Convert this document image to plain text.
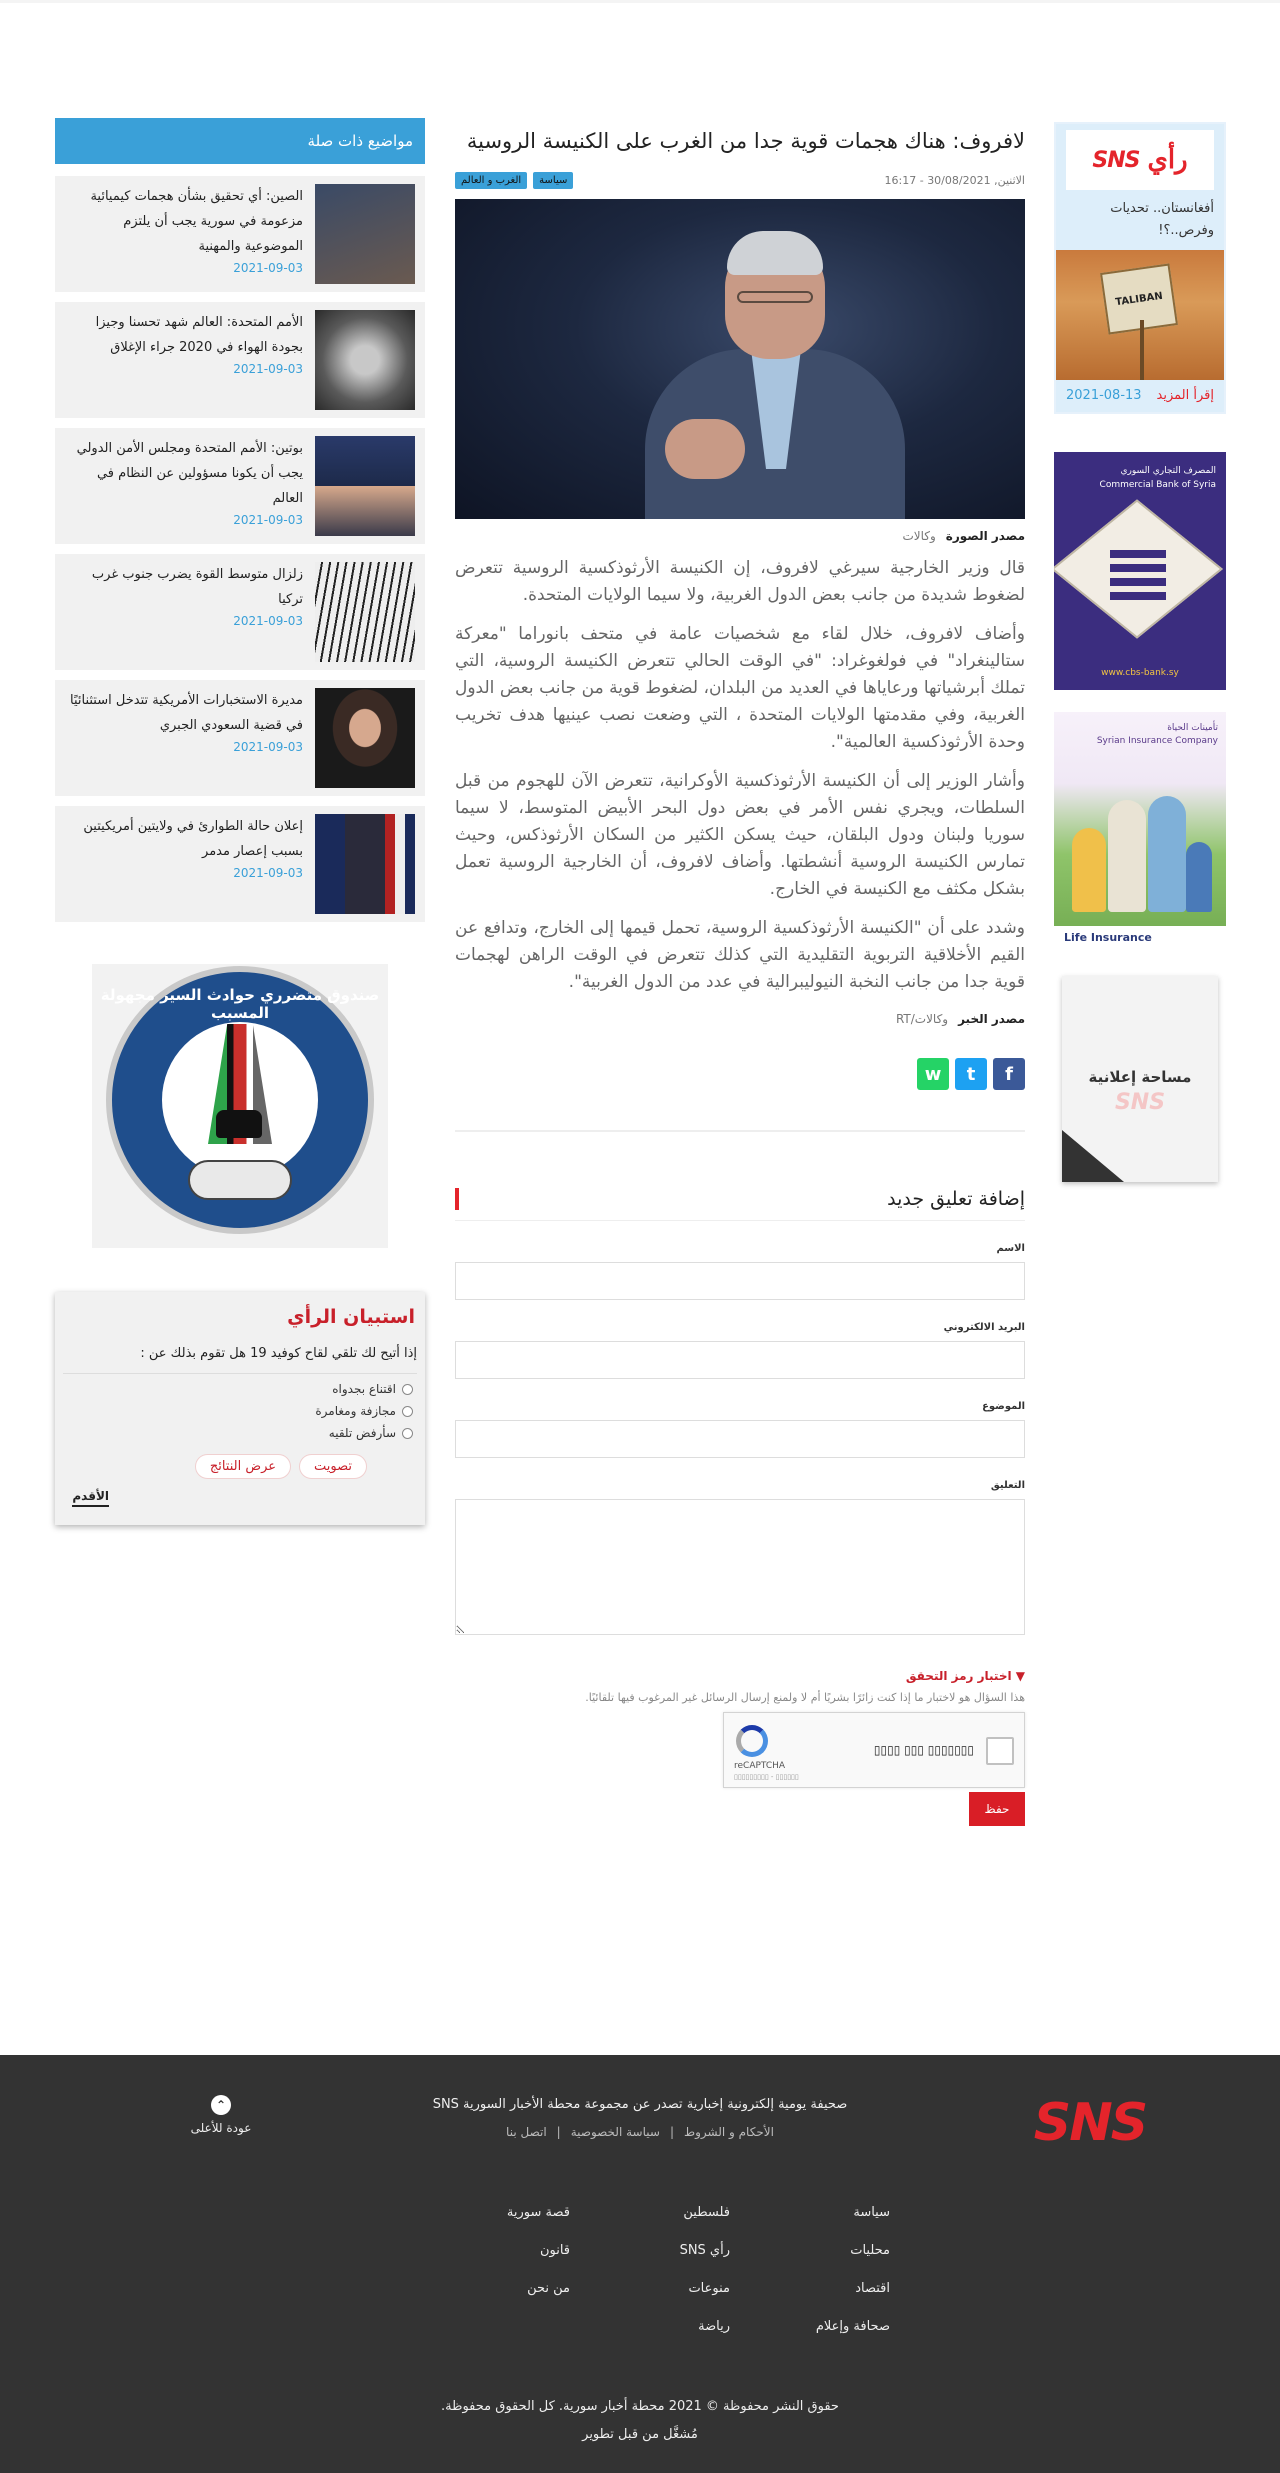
رأي
SNS
أفغانستان.. تحديات وفرص..؟!
TALIBAN
إقرأ المزيد
2021-08-13
المصرف التجاري السوري
Commercial Bank of Syria
www.cbs-bank.sy
تأمينات الحياة
Syrian Insurance Company
Life Insurance
مساحة إعلانية
SNS
لافروف: هناك هجمات قوية جدا من الغرب على الكنيسة الروسية
الاثنين, 30/08/2021 - 16:17
سياسة
الغرب و العالم
مصدر الصورة
وكالات

قال وزير الخارجية سيرغي لافروف، إن الكنيسة الأرثوذكسية الروسية تتعرض لضغوط شديدة من جانب بعض الدول الغربية، ولا سيما الولايات المتحدة.

وأضاف لافروف، خلال لقاء مع شخصيات عامة في متحف بانوراما "معركة ستالينغراد" في فولغوغراد: "في الوقت الحالي تتعرض الكنيسة الروسية، التي تملك أبرشياتها ورعاياها في العديد من البلدان، لضغوط قوية من جانب بعض الدول الغربية، وفي مقدمتها الولايات المتحدة ، التي وضعت نصب عينيها هدف تخريب وحدة الأرثوذكسية العالمية".

وأشار الوزير إلى أن الكنيسة الأرثوذكسية الأوكرانية، تتعرض الآن للهجوم من قبل السلطات، ويجري نفس الأمر في بعض دول البحر الأبيض المتوسط، لا سيما سوريا ولبنان ودول البلقان، حيث يسكن الكثير من السكان الأرثوذكس، وحيث تمارس الكنيسة الروسية أنشطتها. وأضاف لافروف، أن الخارجية الروسية تعمل بشكل مكثف مع الكنيسة في الخارج.

وشدد على أن "الكنيسة الأرثوذكسية الروسية، تحمل قيمها إلى الخارج، وتدافع عن القيم الأخلاقية التربوية التقليدية التي كذلك تتعرض في الوقت الراهن لهجمات قوية جدا من جانب النخبة النيوليبرالية في عدد من الدول الغربية".

مصدر الخبر
وكالات/RT
f
t
w
إضافة تعليق جديد
الاسم
البريد الالكتروني
الموضوع
التعليق
▼ اختبار رمز التحقق
هذا السؤال هو لاختبار ما إذا كنت زائرًا بشريًا أم لا ولمنع إرسال الرسائل غير المرغوب فيها تلقائيًا.
▯▯▯▯▯▯▯ ▯▯▯ ▯▯▯▯
reCAPTCHA
▯▯▯▯▯▯ - ▯▯▯▯▯▯▯▯▯
حفظ
مواضيع ذات صلة
الصين: أي تحقيق بشأن هجمات كيميائية مزعومة في سورية يجب أن يلتزم الموضوعية والمهنية
2021-09-03
الأمم المتحدة: العالم شهد تحسنا وجيزا بجودة الهواء في 2020 جراء الإغلاق
2021-09-03
بوتين: الأمم المتحدة ومجلس الأمن الدولي يجب أن يكونا مسؤولين عن النظام في العالم
2021-09-03
زلزال متوسط القوة يضرب جنوب غرب تركيا
2021-09-03
مديرة الاستخبارات الأمريكية تتدخل استثنائيًا في قضية السعودي الجبري
2021-09-03
إعلان حالة الطوارئ في ولايتين أمريكيتين بسبب إعصار مدمر
2021-09-03
صندوق متضرري حوادث السير مجهولة المسبب
استبيان الرأي
إذا أتيح لك تلقي لقاح كوفيد 19 هل تقوم بذلك عن :
اقتناع بجدواه
مجازفة ومغامرة
سأرفض تلقيه
تصويت
عرض النتائج
الأقدم
SNS
صحيفة يومية إلكترونية إخبارية تصدر عن مجموعة محطة الأخبار السورية SNS
الأحكام و الشروط|سياسة الخصوصية|اتصل بنا
⌃
عودة للأعلى
سياسة
فلسطين
قصة سورية
محليات
رأي SNS
قانون
اقتصاد
منوعات
من نحن
صحافة وإعلام
رياضة
حقوق النشر محفوظة © 2021 محطة أخبار سورية. كل الحقوق محفوظة.
مُشغَّل من قبل تطوير
